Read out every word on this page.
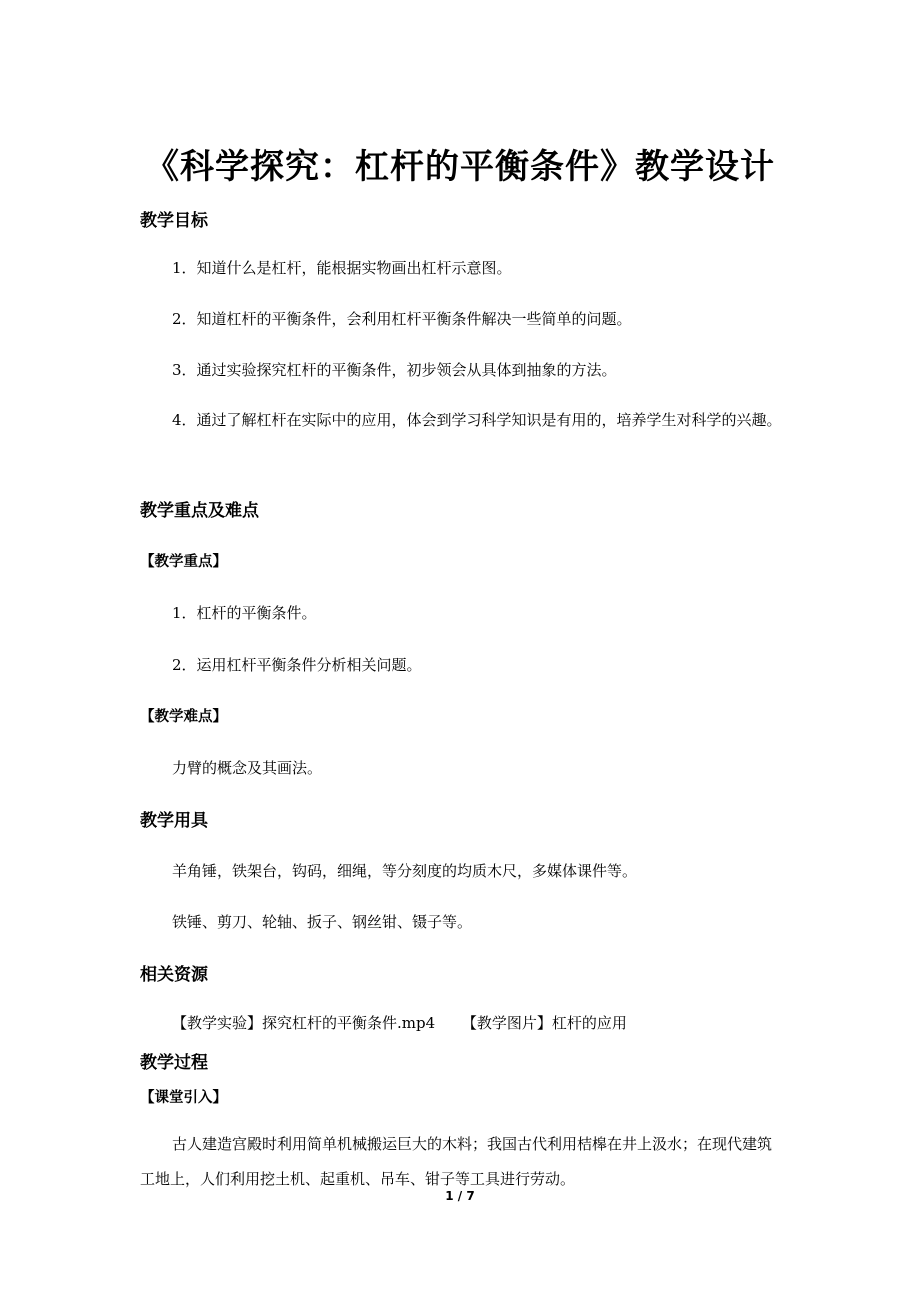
《科学探究：杠杆的平衡条件》教学设计
教学目标
1．知道什么是杠杆，能根据实物画出杠杆示意图。
2．知道杠杆的平衡条件，会利用杠杆平衡条件解决一些简单的问题。
3．通过实验探究杠杆的平衡条件，初步领会从具体到抽象的方法。
4．通过了解杠杆在实际中的应用，体会到学习科学知识是有用的，培养学生对科学的兴趣。
教学重点及难点
【教学重点】
1．杠杆的平衡条件。
2．运用杠杆平衡条件分析相关问题。
【教学难点】
力臂的概念及其画法。
教学用具
羊角锤，铁架台，钩码，细绳，等分刻度的均质木尺，多媒体课件等。
铁锤、剪刀、轮轴、扳子、钢丝钳、镊子等。
相关资源
【教学实验】探究杠杆的平衡条件.mp4 【教学图片】杠杆的应用
教学过程
【课堂引入】
古人建造宫殿时利用简单机械搬运巨大的木料；我国古代利用桔槔在井上汲水；在现代建筑工地上，人们利用挖土机、起重机、吊车、钳子等工具进行劳动。
1 / 7
